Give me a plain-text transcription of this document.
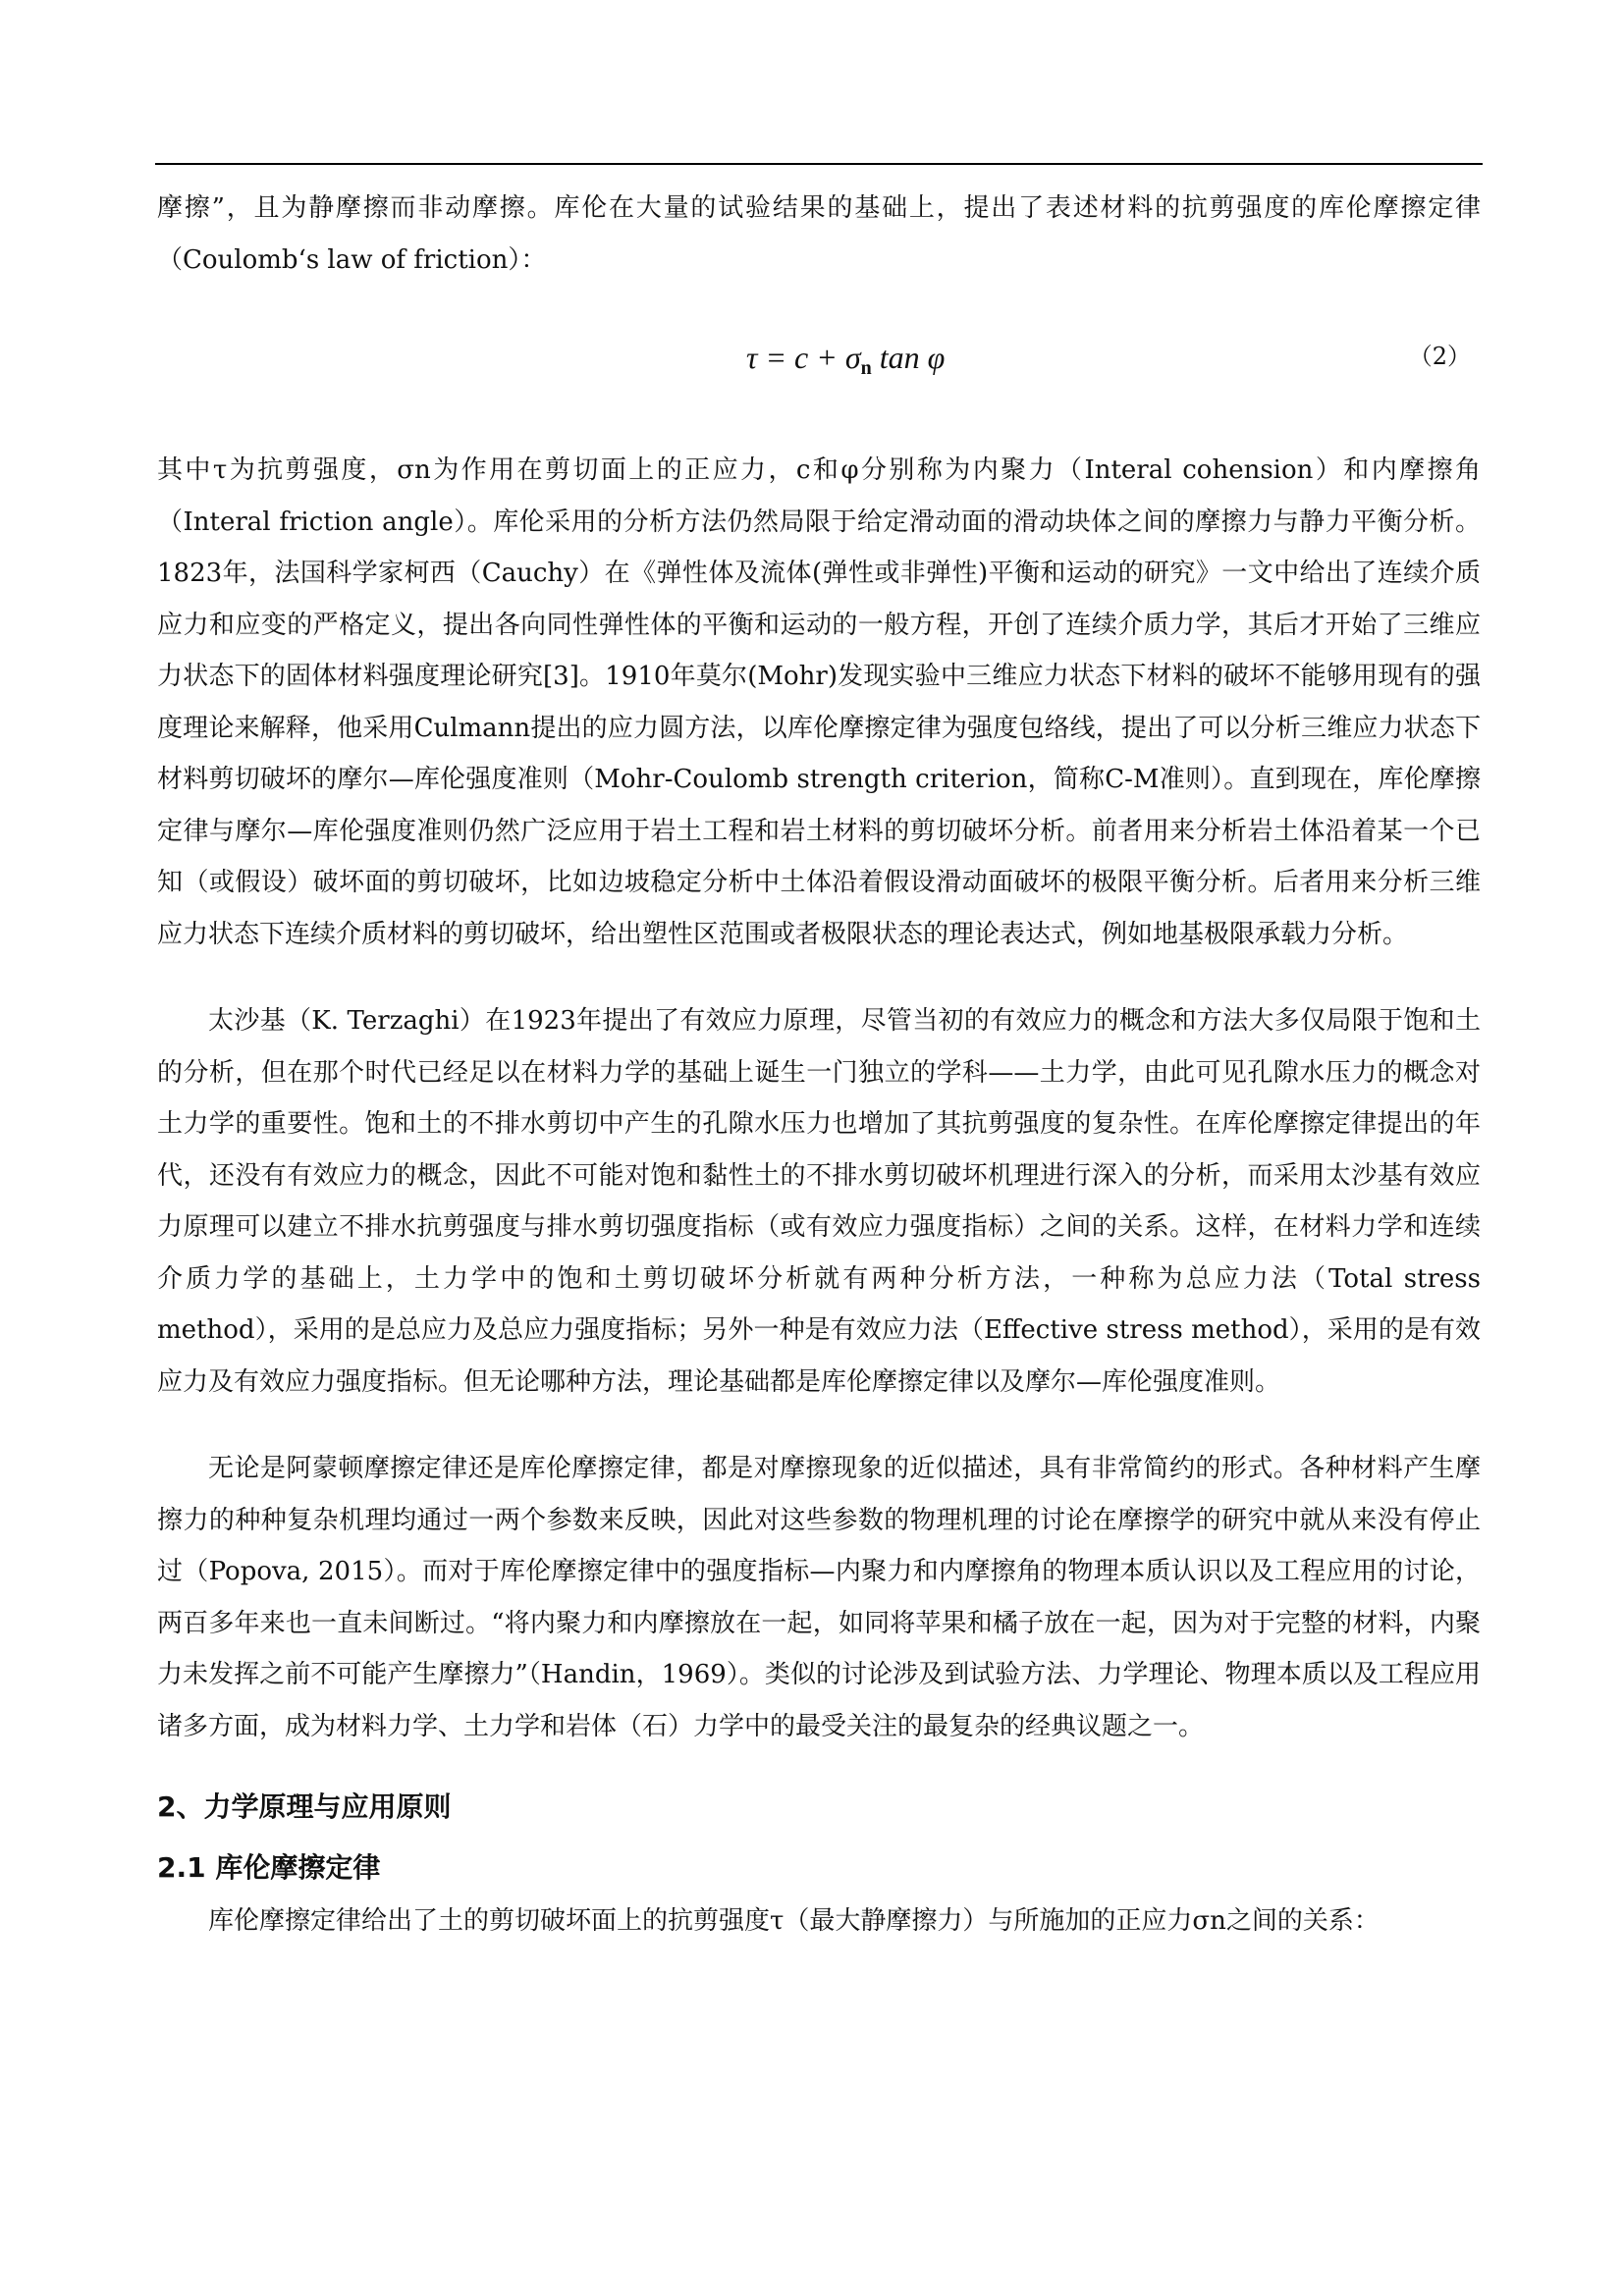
摩擦”，且为静摩擦而非动摩擦。库伦在大量的试验结果的基础上，提出了表述材料的抗剪强度的库伦摩擦定律（Coulomb‘s law of friction）：

$\tau = c + \sigma_n$ tan φ	（2）

其中τ为抗剪强度，σn为作用在剪切面上的正应力，c和φ分别称为内聚力（Interal cohension）和内摩擦角（Interal friction angle）。库伦采用的分析方法仍然局限于给定滑动面的滑动块体之间的摩擦力与静力平衡分析。1823年，法国科学家柯西（Cauchy）在《弹性体及流体(弹性或非弹性)平衡和运动的研究》一文中给出了连续介质应力和应变的严格定义，提出各向同性弹性体的平衡和运动的一般方程，开创了连续介质力学，其后才开始了三维应力状态下的固体材料强度理论研究[3]。1910年莫尔(Mohr)发现实验中三维应力状态下材料的破坏不能够用现有的强度理论来解释，他采用Culmann提出的应力圆方法，以库伦摩擦定律为强度包络线，提出了可以分析三维应力状态下材料剪切破坏的摩尔—库伦强度准则（Mohr-Coulomb strength criterion，简称C-M准则）。直到现在，库伦摩擦定律与摩尔—库伦强度准则仍然广泛应用于岩土工程和岩土材料的剪切破坏分析。前者用来分析岩土体沿着某一个已知（或假设）破坏面的剪切破坏，比如边坡稳定分析中土体沿着假设滑动面破坏的极限平衡分析。后者用来分析三维应力状态下连续介质材料的剪切破坏，给出塑性区范围或者极限状态的理论表达式，例如地基极限承载力分析。

太沙基（K. Terzaghi）在1923年提出了有效应力原理，尽管当初的有效应力的概念和方法大多仅局限于饱和土的分析，但在那个时代已经足以在材料力学的基础上诞生一门独立的学科——土力学，由此可见孔隙水压力的概念对土力学的重要性。饱和土的不排水剪切中产生的孔隙水压力也增加了其抗剪强度的复杂性。在库伦摩擦定律提出的年代，还没有有效应力的概念，因此不可能对饱和黏性土的不排水剪切破坏机理进行深入的分析，而采用太沙基有效应力原理可以建立不排水抗剪强度与排水剪切强度指标（或有效应力强度指标）之间的关系。这样，在材料力学和连续介质力学的基础上，土力学中的饱和土剪切破坏分析就有两种分析方法，一种称为总应力法（Total stress method），采用的是总应力及总应力强度指标；另外一种是有效应力法（Effective stress method），采用的是有效应力及有效应力强度指标。但无论哪种方法，理论基础都是库伦摩擦定律以及摩尔—库伦强度准则。

无论是阿蒙顿摩擦定律还是库伦摩擦定律，都是对摩擦现象的近似描述，具有非常简约的形式。各种材料产生摩擦力的种种复杂机理均通过一两个参数来反映，因此对这些参数的物理机理的讨论在摩擦学的研究中就从来没有停止过（Popova, 2015）。而对于库伦摩擦定律中的强度指标—内聚力和内摩擦角的物理本质认识以及工程应用的讨论，两百多年来也一直未间断过。“将内聚力和内摩擦放在一起，如同将苹果和橘子放在一起，因为对于完整的材料，内聚力未发挥之前不可能产生摩擦力”（Handin，1969）。类似的讨论涉及到试验方法、力学理论、物理本质以及工程应用诸多方面，成为材料力学、土力学和岩体（石）力学中的最受关注的最复杂的经典议题之一。

2、力学原理与应用原则
2.1 库伦摩擦定律

库伦摩擦定律给出了土的剪切破坏面上的抗剪强度τ（最大静摩擦力）与所施加的正应力σn之间的关系：
